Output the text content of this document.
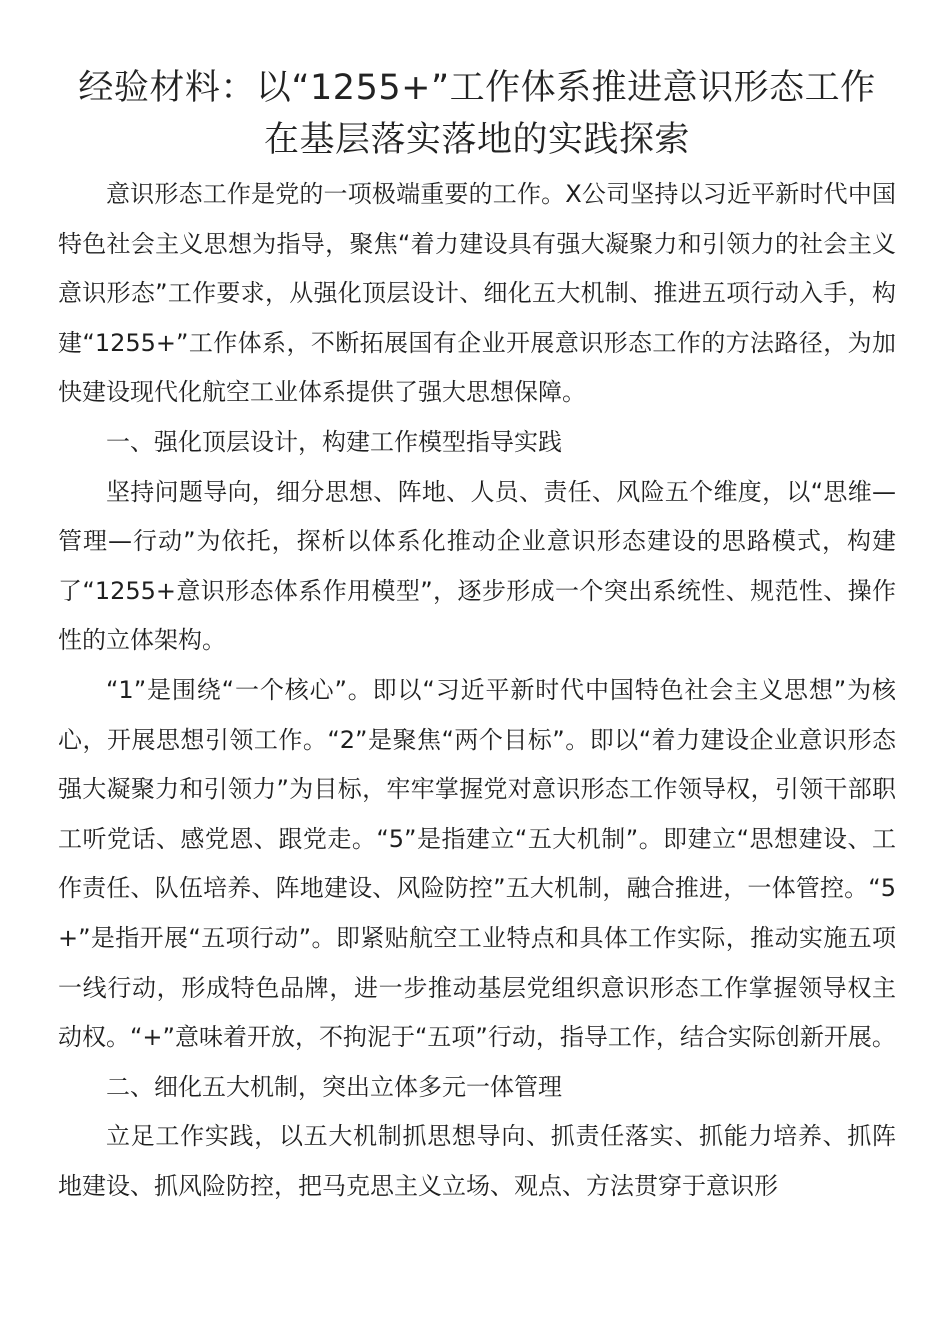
经验材料：以“1255+”工作体系推进意识形态工作
在基层落实落地的实践探索

意识形态工作是党的一项极端重要的工作。X公司坚持以习近平新时代中国特色社会主义思想为指导，聚焦“着力建设具有强大凝聚力和引领力的社会主义意识形态”工作要求，从强化顶层设计、细化五大机制、推进五项行动入手，构建“1255+”工作体系，不断拓展国有企业开展意识形态工作的方法路径，为加快建设现代化航空工业体系提供了强大思想保障。

一、强化顶层设计，构建工作模型指导实践

坚持问题导向，细分思想、阵地、人员、责任、风险五个维度，以“思维—管理—行动”为依托，探析以体系化推动企业意识形态建设的思路模式，构建 了“1255+意识形态体系作用模型”，逐步形成一个突出系统性、规范性、操作性的立体架构。

“1”是围绕“一个核心”。即以“习近平新时代中国特色社会主义思想”为核心，开展思想引领工作。“2”是聚焦“两个目标”。即以“着力建设企业意识形态强大凝聚力和引领力”为目标，牢牢掌握党对意识形态工作领导权，引领干部职工听党话、感党恩、跟党走。“5”是指建立“五大机制”。即建立“思想建设、工作责任、队伍培养、阵地建设、风险防控”五大机制，融合推进，一体管控。“5+”是指开展“五项行动”。即紧贴航空工业特点和具体工作实际，推动实施五项一线行动，形成特色品牌，进一步推动基层党组织意识形态工作掌握领导权主动权。“+”意味着开放，不拘泥于“五项”行动，指导工作，结合实际创新开展。

二、细化五大机制，突出立体多元一体管理

立足工作实践，以五大机制抓思想导向、抓责任落实、抓能力培养、抓阵地建设、抓风险防控，把马克思主义立场、观点、方法贯穿于意识形
